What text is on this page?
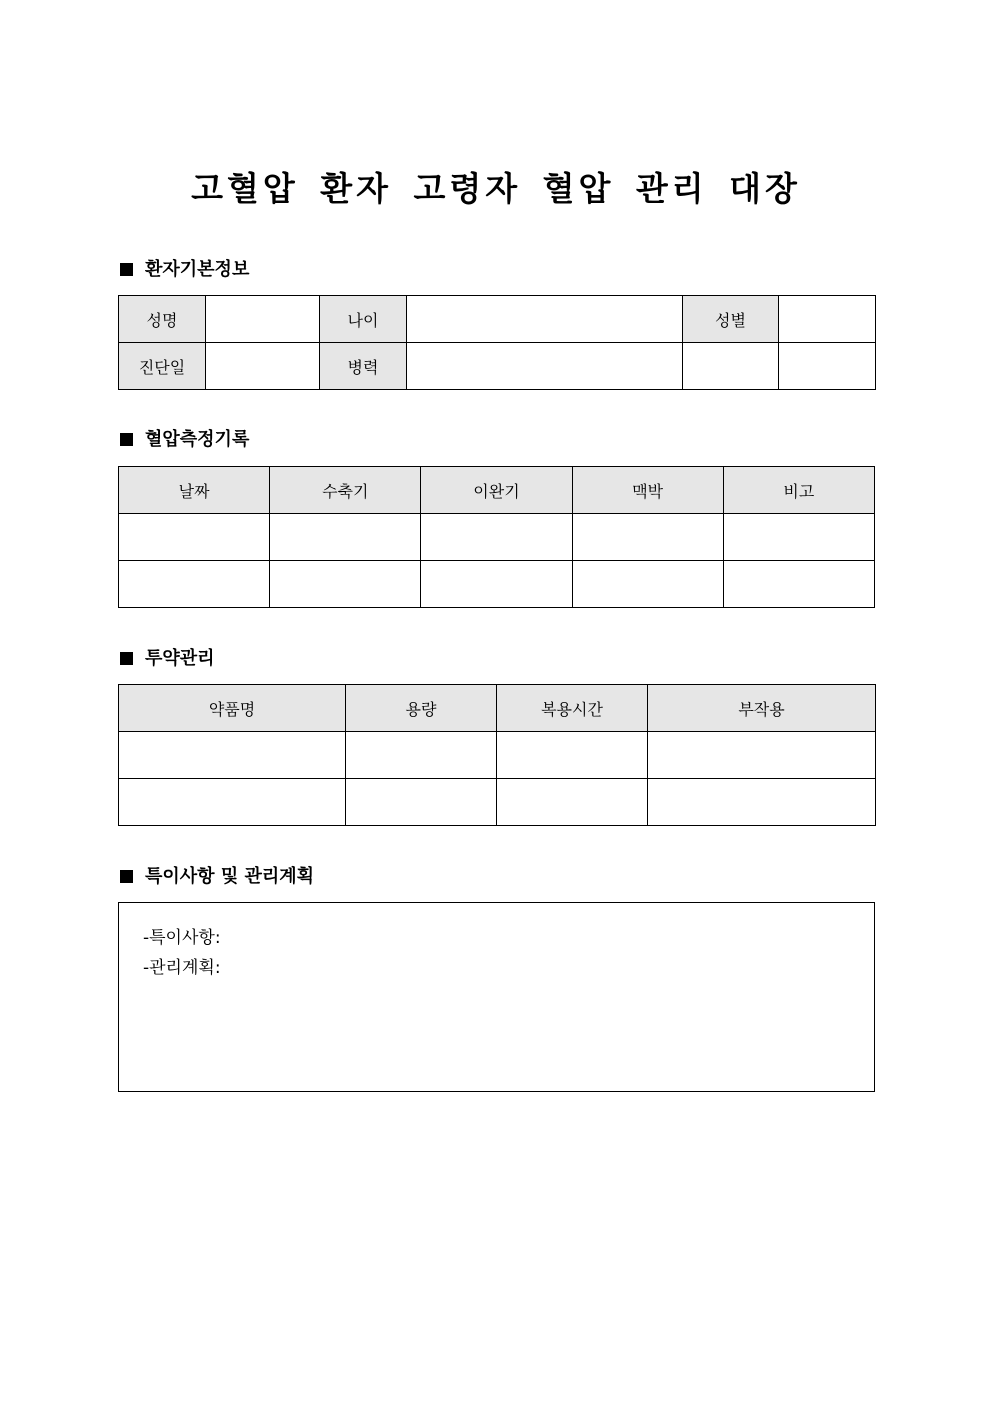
고혈압 환자 고령자 혈압 관리 대장
환자기본정보
성명		나이		성별	
진단일		병력			
혈압측정기록
날짜	수축기	이완기	맥박	비고

투약관리
약품명	용량	복용시간	부작용

특이사항 및 관리계획
-특이사항:
-관리계획:
